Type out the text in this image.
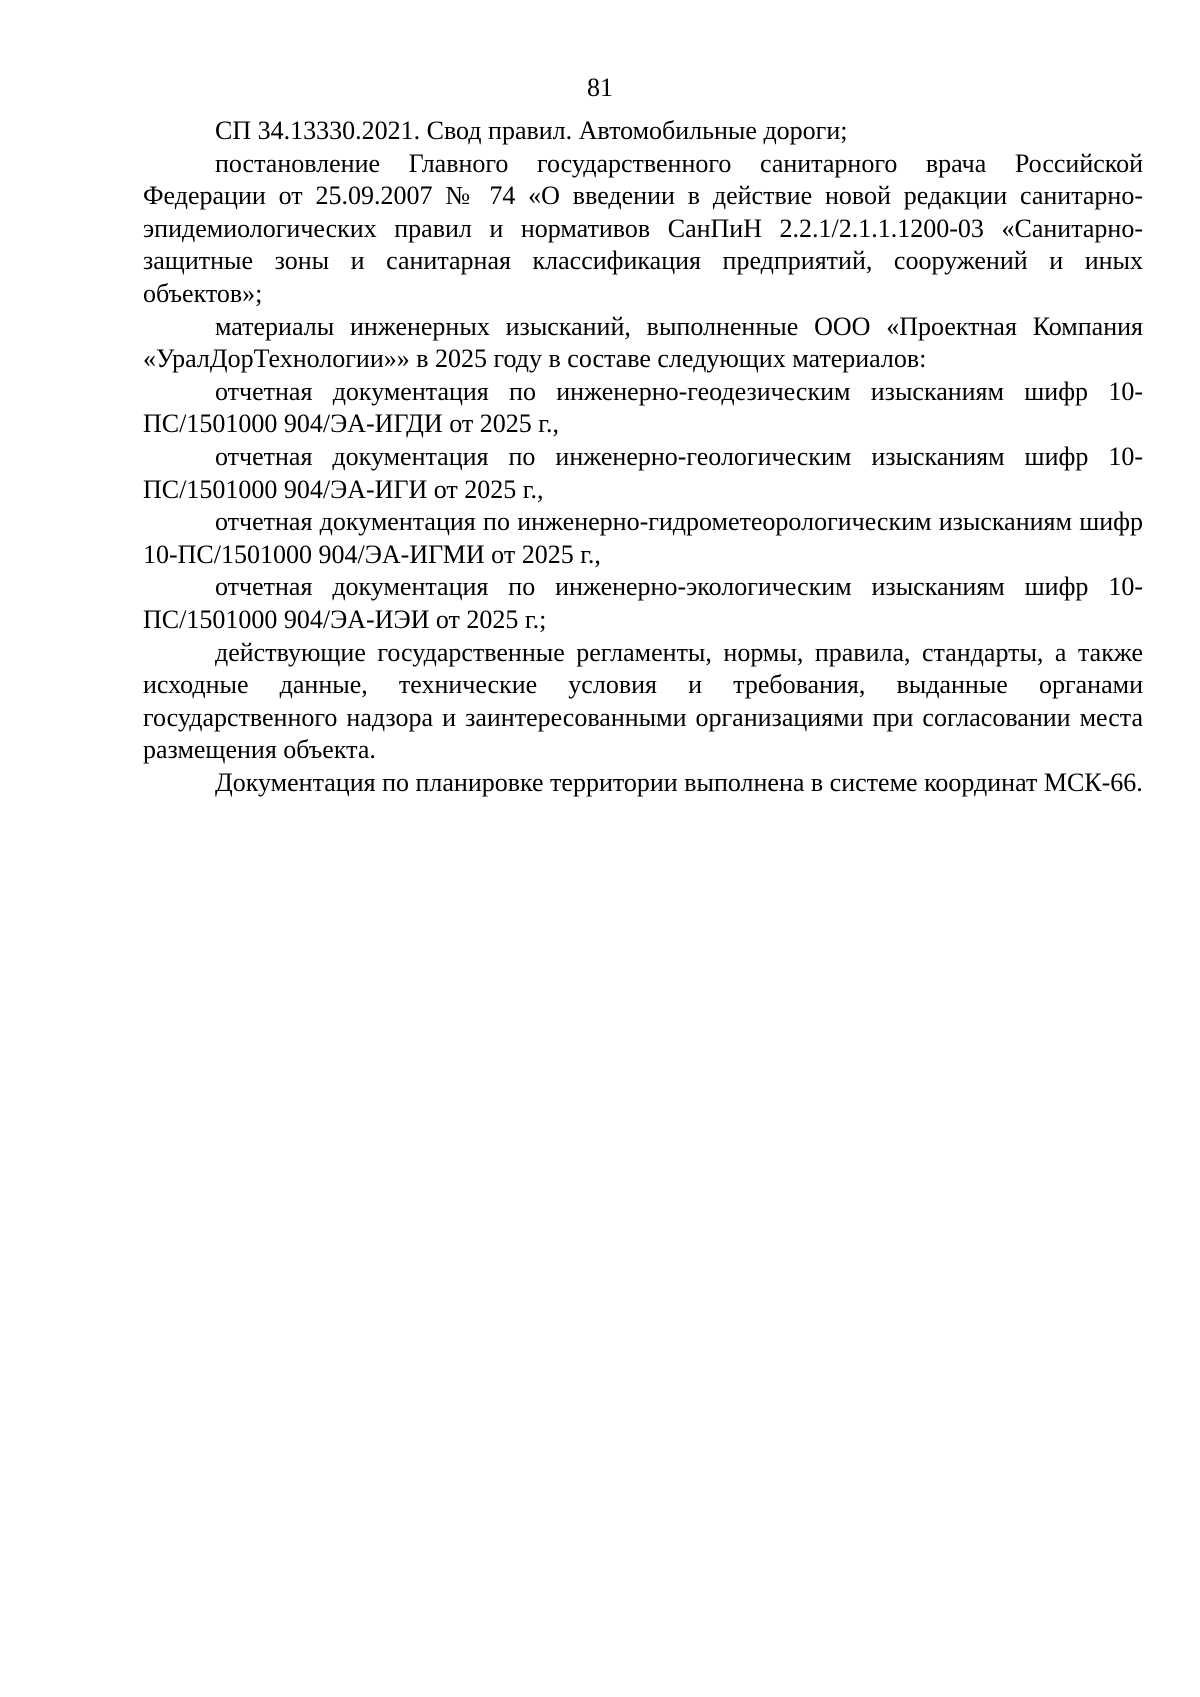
81

СП 34.13330.2021. Свод правил. Автомобильные дороги;

постановление Главного государственного санитарного врача Российской Федерации от 25.09.2007 № 74 «О введении в действие новой редакции санитарно-эпидемиологических правил и нормативов СанПиН 2.2.1/2.1.1.1200-03 «Санитарно-защитные зоны и санитарная классификация предприятий, сооружений и иных объектов»;

материалы инженерных изысканий, выполненные ООО «Проектная Компания «УралДорТехнологии»» в 2025 году в составе следующих материалов:

отчетная документация по инженерно-геодезическим изысканиям шифр 10-ПС/1501000 904/ЭА-ИГДИ от 2025 г.,

отчетная документация по инженерно-геологическим изысканиям шифр 10-ПС/1501000 904/ЭА-ИГИ от 2025 г.,

отчетная документация по инженерно-гидрометеорологическим изысканиям шифр 10-ПС/1501000 904/ЭА-ИГМИ от 2025 г.,

отчетная документация по инженерно-экологическим изысканиям шифр 10-ПС/1501000 904/ЭА-ИЭИ от 2025 г.;

действующие государственные регламенты, нормы, правила, стандарты, а также исходные данные, технические условия и требования, выданные органами государственного надзора и заинтересованными организациями при согласовании места размещения объекта.

Документация по планировке территории выполнена в системе координат МСК-66.
